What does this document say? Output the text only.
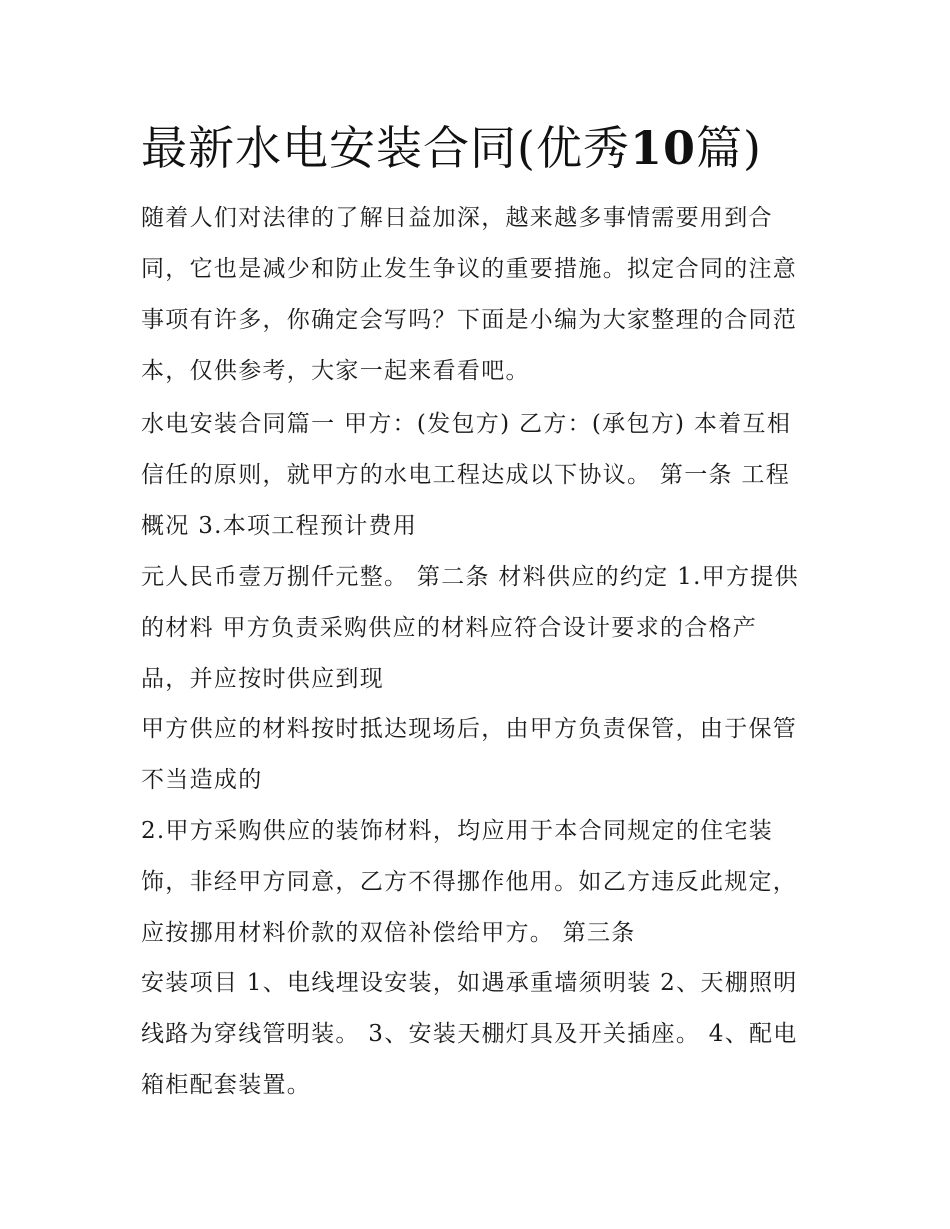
最新水电安装合同(优秀10篇)
随着人们对法律的了解日益加深，越来越多事情需要用到合
同，它也是减少和防止发生争议的重要措施。拟定合同的注意
事项有许多，你确定会写吗？下面是小编为大家整理的合同范
本，仅供参考，大家一起来看看吧。
水电安装合同篇一 甲方：(发包方) 乙方：(承包方) 本着互相
信任的原则，就甲方的水电工程达成以下协议。 第一条 工程
概况 3.本项工程预计费用
元人民币壹万捌仟元整。 第二条 材料供应的约定 1.甲方提供
的材料 甲方负责采购供应的材料应符合设计要求的合格产
品，并应按时供应到现
甲方供应的材料按时抵达现场后，由甲方负责保管，由于保管
不当造成的
2.甲方采购供应的装饰材料，均应用于本合同规定的住宅装
饰，非经甲方同意，乙方不得挪作他用。如乙方违反此规定，
应按挪用材料价款的双倍补偿给甲方。 第三条
安装项目 1、电线埋设安装，如遇承重墙须明装 2、天棚照明
线路为穿线管明装。 3、安装天棚灯具及开关插座。 4、配电
箱柜配套装置。
